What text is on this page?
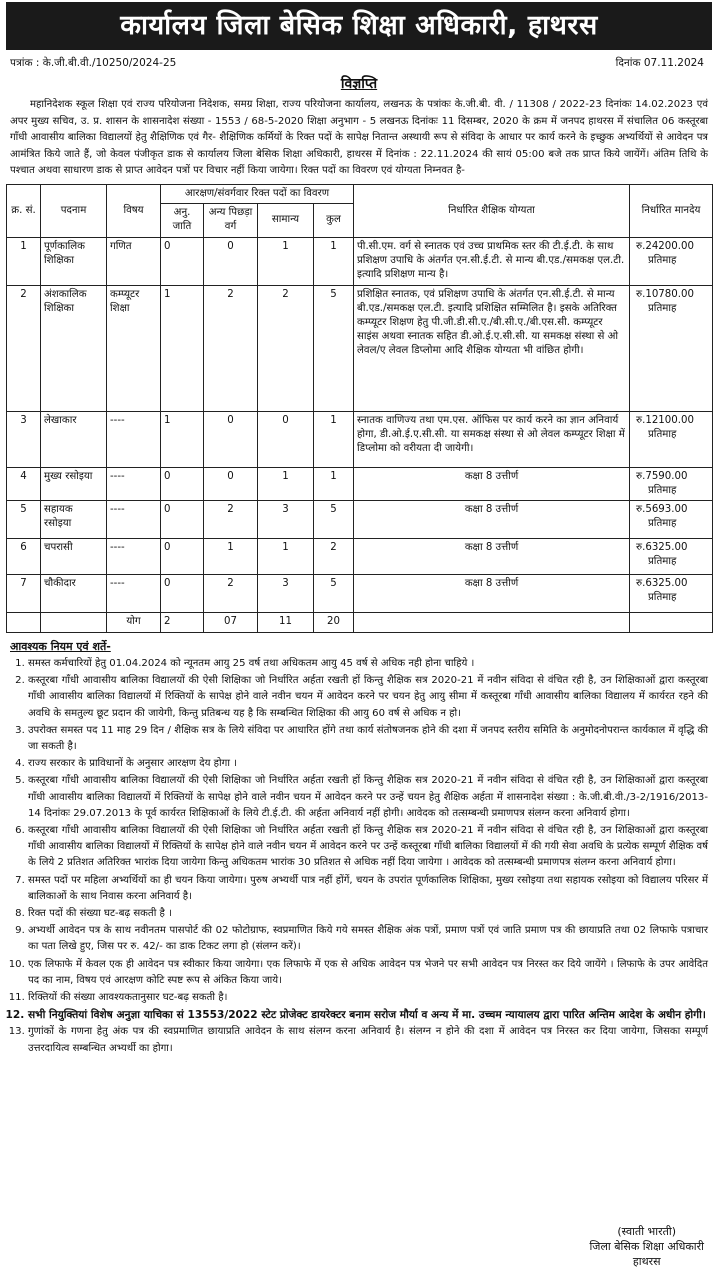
कार्यालय जिला बेसिक शिक्षा अधिकारी, हाथरस
पत्रांक : के.जी.बी.वी./10250/2024-25	दिनांक 07.11.2024
विज्ञप्ति
महानिदेशक स्कूल शिक्षा एवं राज्य परियोजना निदेशक, समग्र शिक्षा, राज्य परियोजना कार्यालय, लखनऊ के पत्रांकः के.जी.बी. वी. / 11308 / 2022-23 दिनांकः 14.02.2023 एवं अपर मुख्य सचिव, उ. प्र. शासन के शासनादेश संख्या - 1553 / 68-5-2020 शिक्षा अनुभाग - 5 लखनऊ दिनांकः 11 दिसम्बर, 2020 के क्रम में जनपद हाथरस में संचालित 06 कस्तूरबा गाँधी आवासीय बालिका विद्यालयों हेतु शैक्षिणिक एवं गैर- शैक्षिणिक कर्मियों के रिक्त पदों के सापेक्ष नितान्त अस्थायी रूप से संविदा के आधार पर कार्य करने के इच्छुक अभ्यर्थियों से आवेदन पत्र आमंत्रित किये जाते हैं, जो केवल पंजीकृत डाक से कार्यालय जिला बेसिक शिक्षा अधिकारी, हाथरस में दिनांक : 22.11.2024 की सायं 05:00 बजे तक प्राप्त किये जायेंगें। अंतिम तिथि के पश्चात अथवा साधारण डाक से प्राप्त आवेदन पत्रों पर विचार नहीं किया जायेगा। रिक्त पदों का विवरण एवं योग्यता निम्नवत है-
क्र. सं.	पदनाम	विषय	आरक्षण/संवर्गवार रिक्त पदों का विवरण				निर्धारित शैक्षिक योग्यता	निर्धारित मानदेय
			अनु. जाति	अन्य पिछड़ा वर्ग	सामान्य	कुल		
1	पूर्णकालिक शिक्षिका	गणित	0	0	1	1	पी.सी.एम. वर्ग से स्नातक एवं उच्च प्राथमिक स्तर की टी.ई.टी. के साथ प्रशिक्षण उपाधि के अंतर्गत एन.सी.ई.टी. से मान्य बी.एड./समकक्ष एल.टी. इत्यादि प्रशिक्षण मान्य है।	रु.24200.00
प्रतिमाह

2	अंशकालिक शिक्षिका	कम्प्यूटर शिक्षा	1	2	2	5	प्रशिक्षित स्नातक, एवं प्रशिक्षण उपाधि के अंतर्गत एन.सी.ई.टी. से मान्य बी.एड./समकक्ष एल.टी. इत्यादि प्रशिक्षित सम्मिलित है। इसके अतिरिक्त कम्प्यूटर शिक्षण हेतु पी.जी.डी.सी.ए./बी.सी.ए./बी.एस.सी. कम्प्यूटर साइंस अथवा स्नातक सहित डी.ओ.ई.ए.सी.सी. या समकक्ष संस्था से ओ लेवल/ए लेवल डिप्लोमा आदि शैक्षिक योग्यता भी वांछित होगी।	रु.10780.00
प्रतिमाह

3	लेखाकार	----	1	0	0	1	स्नातक वाणिज्य तथा एम.एस. ऑफिस पर कार्य करने का ज्ञान अनिवार्य होगा, डी.ओ.ई.ए.सी.सी. या समकक्ष संस्था से ओ लेवल कम्प्यूटर शिक्षा में डिप्लोमा को वरीयता दी जायेगी।	रु.12100.00
प्रतिमाह

4	मुख्य रसोइया	----	0	0	1	1	कक्षा 8 उत्तीर्ण	रु.7590.00
प्रतिमाह

5	सहायक रसोइया	----	0	2	3	5	कक्षा 8 उत्तीर्ण	रु.5693.00
प्रतिमाह

6	चपरासी	----	0	1	1	2	कक्षा 8 उत्तीर्ण	रु.6325.00
प्रतिमाह

7	चौकीदार	----	0	2	3	5	कक्षा 8 उत्तीर्ण	रु.6325.00
प्रतिमाह

		योग	2	07	11	20		
आवश्यक नियम एवं शर्ते-
1. समस्त कर्मचारियों हेतु 01.04.2024 को न्यूनतम आयु 25 वर्ष तथा अधिकतम आयु 45 वर्ष से अधिक नही होना चाहिये ।
2. कस्तूरबा गाँधी आवासीय बालिका विद्यालयों की ऐसी शिक्षिका जो निर्धारित अर्हता रखती हों किन्तु शैक्षिक सत्र 2020-21 में नवीन संविदा से वंचित रही है, उन शिक्षिकाओं द्वारा कस्तूरबा गाँधी आवासीय बालिका विद्यालयों में रिक्तियों के सापेक्ष होने वाले नवीन चयन में आवेदन करने पर चयन हेतु आयु सीमा में कस्तूरबा गाँधी आवासीय बालिका विद्यालय में कार्यरत रहने की अवधि के समतुल्य छूट प्रदान की जायेगी, किन्तु प्रतिबन्ध यह है कि सम्बन्धित शिक्षिका की आयु 60 वर्ष से अधिक न हो।
3. उपरोक्त समस्त पद 11 माह 29 दिन / शैक्षिक सत्र के लिये संविदा पर आधारित होंगे तथा कार्य संतोषजनक होने की दशा में जनपद स्तरीय समिति के अनुमोदनोपरान्त कार्यकाल में वृद्धि की जा सकती है।
4. राज्य सरकार के प्राविधानों के अनुसार आरक्षण देय होगा ।
5. कस्तूरबा गाँधी आवासीय बालिका विद्यालयों की ऐसी शिक्षिका जो निर्धारित अर्हता रखती हों किन्तु शैक्षिक सत्र 2020-21 में नवीन संविदा से वंचित रही है, उन शिक्षिकाओं द्वारा कस्तूरबा गाँधी आवासीय बालिका विद्यालयों में रिक्तियों के सापेक्ष होने वाले नवीन चयन में आवेदन करने पर उन्हें चयन हेतु शैक्षिक अर्हता में शासनादेश संख्या : के.जी.बी.वी./3-2/1916/2013-14 दिनांकः 29.07.2013 के पूर्व कार्यरत शिक्षिकाओं के लिये टी.ई.टी. की अर्हता अनिवार्य नहीं होगी। आवेदक को तत्सम्बन्धी प्रमाणपत्र संलग्न करना अनिवार्य होगा।
6. कस्तूरबा गाँधी आवासीय बालिका विद्यालयों की ऐसी शिक्षिका जो निर्धारित अर्हता रखती हों किन्तु शैक्षिक सत्र 2020-21 में नवीन संविदा से वंचित रही है, उन शिक्षिकाओं द्वारा कस्तूरबा गाँधी आवासीय बालिका विद्यालयों में रिक्तियों के सापेक्ष होने वाले नवीन चयन में आवेदन करने पर उन्हें कस्तूरबा गाँधी बालिका विद्यालयों में की गयी सेवा अवधि के प्रत्येक सम्पूर्ण शैक्षिक वर्ष के लिये 2 प्रतिशत अतिरिक्त भारांक दिया जायेगा किन्तु अधिकतम भारांक 30 प्रतिशत से अधिक नहीं दिया जायेगा । आवेदक को तत्सम्बन्धी प्रमाणपत्र संलग्न करना अनिवार्य होगा।
7. समस्त पदों पर महिला अभ्यर्थियों का ही चयन किया जायेगा। पुरुष अभ्यर्थी पात्र नहीं होंगें, चयन के उपरांत पूर्णकालिक शिक्षिका, मुख्य रसोइया तथा सहायक रसोइया को विद्यालय परिसर में बालिकाओं के साथ निवास करना अनिवार्य है।
8. रिक्त पदों की संख्या घट-बढ़ सकती है ।
9. अभ्यर्थी आवेदन पत्र के साथ नवीनतम पासपोर्ट की 02 फोटोग्राफ, स्वप्रमाणित किये गये समस्त शैक्षिक अंक पत्रों, प्रमाण पत्रों एवं जाति प्रमाण पत्र की छायाप्रति तथा 02 लिफाफे पत्राचार का पता लिखे हुए, जिस पर रु. 42/- का डाक टिकट लगा हो (संलग्न करें)।
10. एक लिफाफे में केवल एक ही आवेदन पत्र स्वीकार किया जायेगा। एक लिफाफे में एक से अधिक आवेदन पत्र भेजने पर सभी आवेदन पत्र निरस्त कर दिये जायेंगे । लिफाफे के उपर आवेदित पद का नाम, विषय एवं आरक्षण कोटि स्पष्ट रूप से अंकित किया जाये।
11. रिक्तियों की संख्या आवश्यकतानुसार घट-बढ़ सकती है।
12. सभी नियुक्तियां विशेष अनुज्ञा याचिका सं 13553/2022 स्टेट प्रोजेक्ट डायरेक्टर बनाम सरोज मौर्या व अन्य में मा. उच्चम न्यायालय द्वारा पारित अन्तिम आदेश के अधीन होगी।
13. गुणांकों के गणना हेतु अंक पत्र की स्वप्रमाणित छायाप्रति आवेदन के साथ संलग्न करना अनिवार्य है। संलग्न न होने की दशा में आवेदन पत्र निरस्त कर दिया जायेगा, जिसका सम्पूर्ण उत्तरदायित्व सम्बन्धित अभ्यर्थी का होगा।
(स्वाती भारती)
जिला बेसिक शिक्षा अधिकारी
हाथरस
